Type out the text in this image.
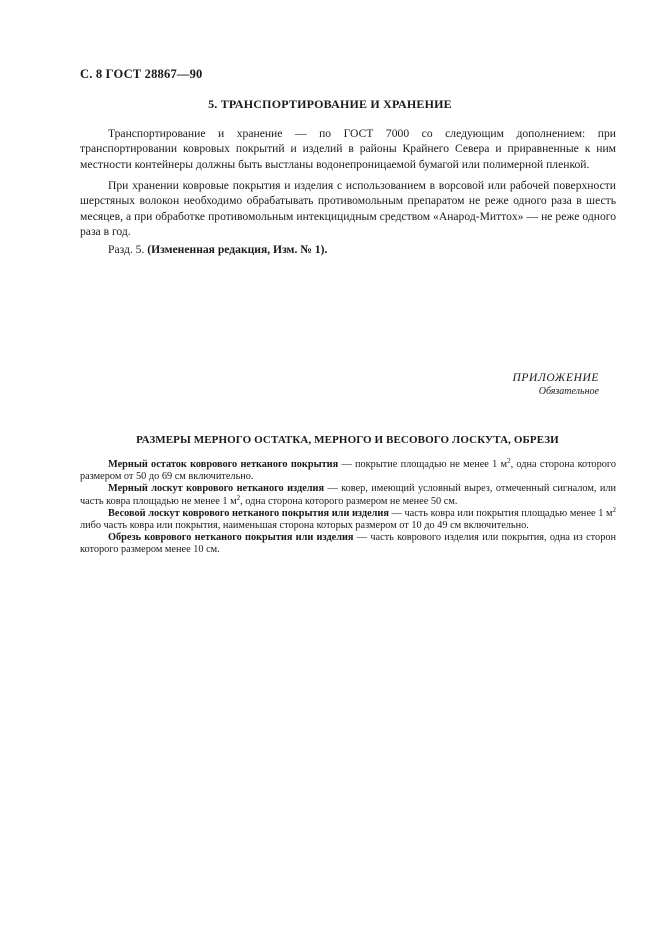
С. 8 ГОСТ 28867—90
5. ТРАНСПОРТИРОВАНИЕ И ХРАНЕНИЕ

Транспортирование и хранение — по ГОСТ 7000 со следующим дополнением: при транспортировании ковровых покрытий и изделий в районы Крайнего Севера и приравненные к ним местности контейнеры должны быть выстланы водонепроницаемой бумагой или полимерной пленкой.

При хранении ковровые покрытия и изделия с использованием в ворсовой или рабочей поверхности шерстяных волокон необходимо обрабатывать противомольным препаратом не реже одного раза в шесть месяцев, а при обработке противомольным интекцицидным средством «Анарод-Миттоx» — не реже одного раза в год.

Разд. 5. (Измененная редакция, Изм. № 1).

ПРИЛОЖЕНИЕ
Обязательное
РАЗМЕРЫ МЕРНОГО ОСТАТКА, МЕРНОГО И ВЕСОВОГО ЛОСКУТА, ОБРЕЗИ

Мерный остаток коврового нетканого покрытия — покрытие площадью не менее 1 $м^2$, одна сторона которого размером от 50 до 69 см включительно.

Мерный лоскут коврового нетканого изделия — ковер, имеющий условный вырез, отмеченный сигналом, или часть ковра площадью не менее 1 $м^2$, одна сторона которого размером не менее 50 см.

Весовой лоскут коврового нетканого покрытия или изделия — часть ковра или покрытия площадью менее 1 $м^2$ либо часть ковра или покрытия, наименьшая сторона которых размером от 10 до 49 см включительно.

Обрезь коврового нетканого покрытия или изделия — часть коврового изделия или покрытия, одна из сторон которого размером менее 10 см.
